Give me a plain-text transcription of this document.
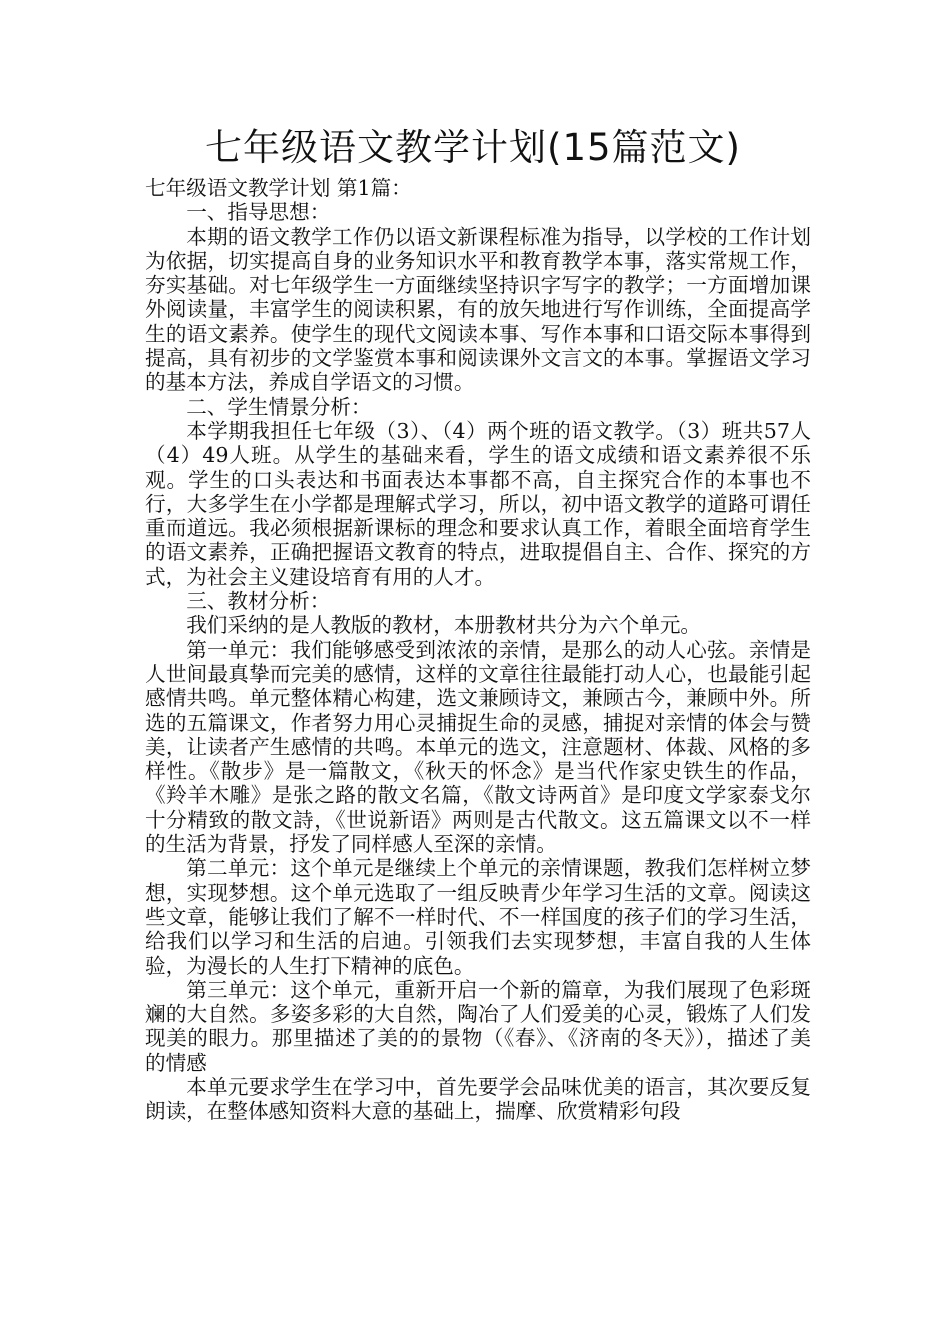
七年级语文教学计划(15篇范文)

七年级语文教学计划 第1篇：

一、指导思想：

本期的语文教学工作仍以语文新课程标准为指导，以学校的工作计划为依据，切实提高自身的业务知识水平和教育教学本事，落实常规工作，夯实基础。对七年级学生一方面继续坚持识字写字的教学；一方面增加课外阅读量，丰富学生的阅读积累，有的放矢地进行写作训练，全面提高学生的语文素养。使学生的现代文阅读本事、写作本事和口语交际本事得到提高，具有初步的文学鉴赏本事和阅读课外文言文的本事。掌握语文学习的基本方法，养成自学语文的习惯。

二、学生情景分析：

本学期我担任七年级（3）、（4）两个班的语文教学。（3）班共57人（4）49人班。从学生的基础来看，学生的语文成绩和语文素养很不乐观。学生的口头表达和书面表达本事都不高，自主探究合作的本事也不行，大多学生在小学都是理解式学习，所以，初中语文教学的道路可谓任重而道远。我必须根据新课标的理念和要求认真工作，着眼全面培育学生的语文素养，正确把握语文教育的特点，进取提倡自主、合作、探究的方式，为社会主义建设培育有用的人才。

三、教材分析：

我们采纳的是人教版的教材，本册教材共分为六个单元。

第一单元：我们能够感受到浓浓的亲情，是那么的动人心弦。亲情是人世间最真挚而完美的感情，这样的文章往往最能打动人心，也最能引起感情共鸣。单元整体精心构建，选文兼顾诗文，兼顾古今，兼顾中外。所选的五篇课文，作者努力用心灵捕捉生命的灵感，捕捉对亲情的体会与赞美，让读者产生感情的共鸣。本单元的选文，注意题材、体裁、风格的多样性。《散步》是一篇散文，《秋天的怀念》是当代作家史铁生的作品，《羚羊木雕》是张之路的散文名篇，《散文诗两首》是印度文学家泰戈尔十分精致的散文詩，《世说新语》两则是古代散文。这五篇课文以不一样的生活为背景，抒发了同样感人至深的亲情。

第二单元：这个单元是继续上个单元的亲情课题，教我们怎样树立梦想，实现梦想。这个单元选取了一组反映青少年学习生活的文章。阅读这些文章，能够让我们了解不一样时代、不一样国度的孩子们的学习生活，给我们以学习和生活的启迪。引领我们去实现梦想，丰富自我的人生体验，为漫长的人生打下精神的底色。

第三单元：这个单元，重新开启一个新的篇章，为我们展现了色彩斑斓的大自然。多姿多彩的大自然，陶冶了人们爱美的心灵，锻炼了人们发现美的眼力。那里描述了美的的景物（《春》、《济南的冬天》），描述了美的情感

本单元要求学生在学习中，首先要学会品味优美的语言，其次要反复朗读，在整体感知资料大意的基础上，揣摩、欣赏精彩句段
